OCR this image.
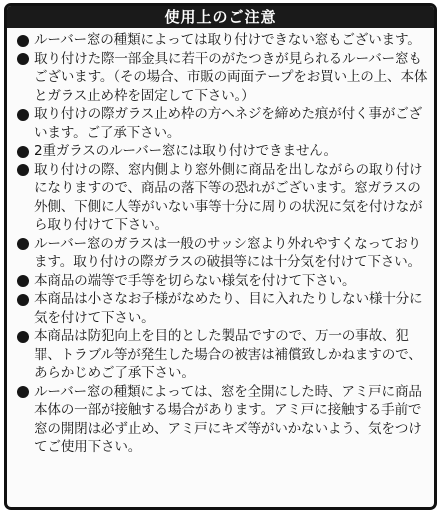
使用上のご注意
ルーバー窓の種類によっては取り付けできない窓もございます。
取り付けた際一部金具に若干のがたつきが見られるルーバー窓もございます。（その場合、市販の両面テープをお買い上の上、本体とガラス止め枠を固定して下さい。）
取り付けの際ガラス止め枠の方へネジを締めた痕が付く事がございます。ご了承下さい。
2重ガラスのルーバー窓には取り付けできません。
取り付けの際、窓内側より窓外側に商品を出しながらの取り付けになりますので、商品の落下等の恐れがございます。窓ガラスの外側、下側に人等がいない事等十分に周りの状況に気を付けながら取り付けて下さい。
ルーバー窓のガラスは一般のサッシ窓より外れやすくなっております。取り付けの際ガラスの破損等には十分気を付けて下さい。
本商品の端等で手等を切らない様気を付けて下さい。
本商品は小さなお子様がなめたり、目に入れたりしない様十分に気を付けて下さい。
本商品は防犯向上を目的とした製品ですので、万一の事故、犯罪、トラブル等が発生した場合の被害は補償致しかねますので、あらかじめご了承下さい。
ルーバー窓の種類によっては、窓を全開にした時、アミ戸に商品本体の一部が接触する場合があります。アミ戸に接触する手前で窓の開閉は必ず止め、アミ戸にキズ等がいかないよう、気をつけてご使用下さい。
